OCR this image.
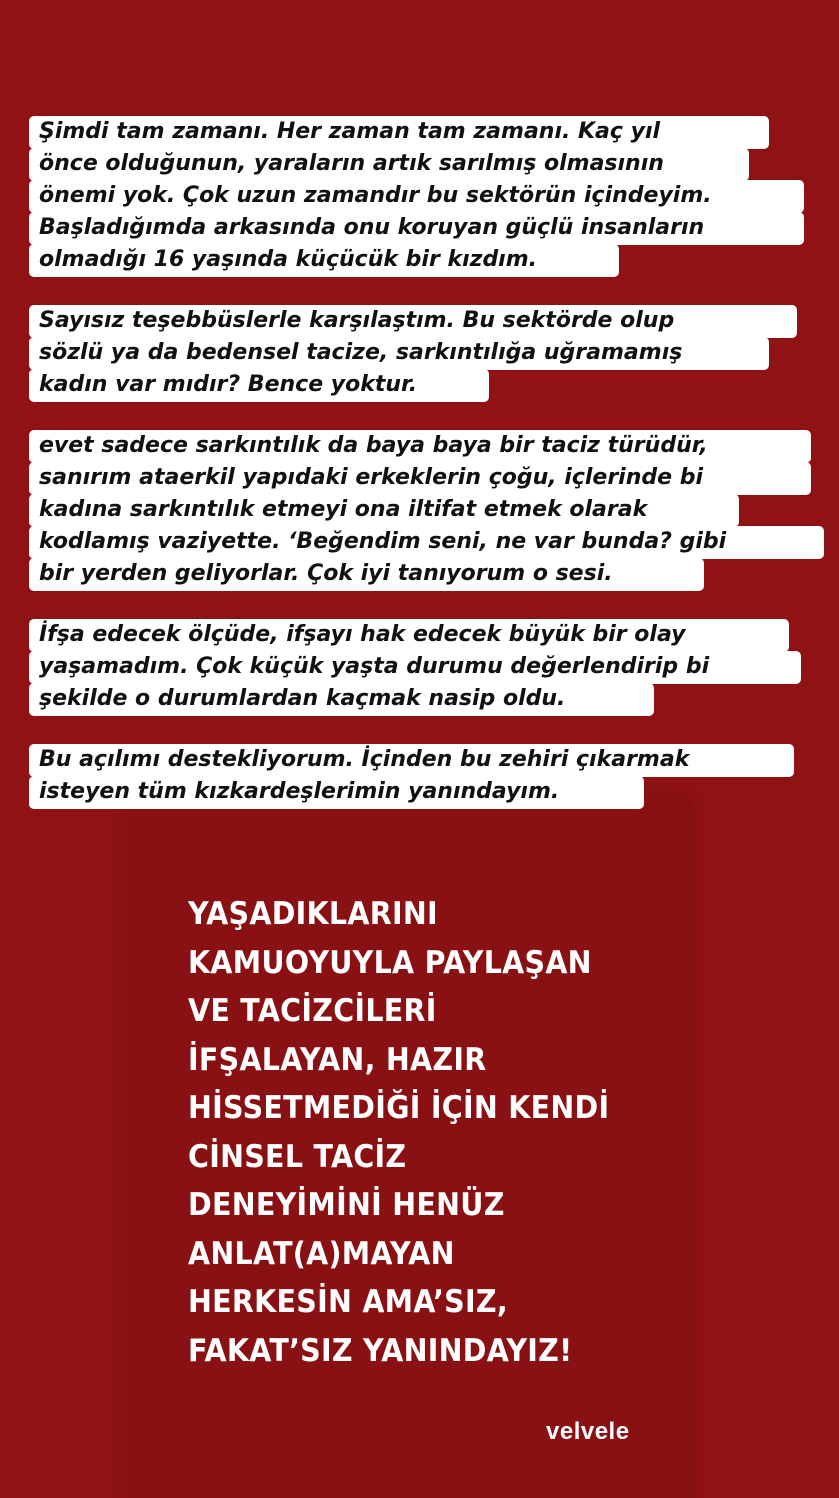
YAŞADIKLARINI
KAMUOYUYLA PAYLAŞAN
VE TACİZCİLERİ
İFŞALAYAN, HAZIR
HİSSETMEDİĞİ İÇİN KENDİ
CİNSEL TACİZ
DENEYİMİNİ HENÜZ
ANLAT(A)MAYAN
HERKESİN AMA’SIZ,
FAKAT’SIZ YANINDAYIZ!
velvele
Şimdi tam zamanı. Her zaman tam zamanı. Kaç yıl
önce olduğunun, yaraların artık sarılmış olmasının
önemi yok. Çok uzun zamandır bu sektörün içindeyim.
Başladığımda arkasında onu koruyan güçlü insanların
olmadığı 16 yaşında küçücük bir kızdım.
Sayısız teşebbüslerle karşılaştım. Bu sektörde olup
sözlü ya da bedensel tacize, sarkıntılığa uğramamış
kadın var mıdır? Bence yoktur.
evet sadece sarkıntılık da baya baya bir taciz türüdür,
sanırım ataerkil yapıdaki erkeklerin çoğu, içlerinde bi
kadına sarkıntılık etmeyi ona iltifat etmek olarak
kodlamış vaziyette. ‘Beğendim seni, ne var bunda? gibi
bir yerden geliyorlar. Çok iyi tanıyorum o sesi.
İfşa edecek ölçüde, ifşayı hak edecek büyük bir olay
yaşamadım. Çok küçük yaşta durumu değerlendirip bi
şekilde o durumlardan kaçmak nasip oldu.
Bu açılımı destekliyorum. İçinden bu zehiri çıkarmak
isteyen tüm kızkardeşlerimin yanındayım.
